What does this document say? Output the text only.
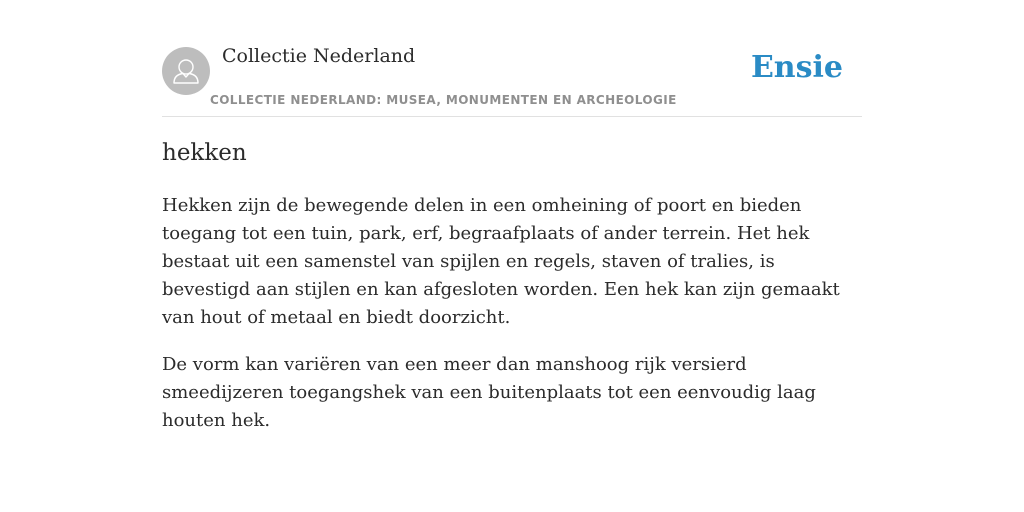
Collectie Nederland
COLLECTIE NEDERLAND: MUSEA, MONUMENTEN EN ARCHEOLOGIE
Ensie
hekken

Hekken zijn de bewegende delen in een omheining of poort en bieden toegang tot een tuin, park, erf, begraafplaats of ander terrein. Het hek bestaat uit een samenstel van spijlen en regels, staven of tralies, is bevestigd aan stijlen en kan afgesloten worden. Een hek kan zijn gemaakt van hout of metaal en biedt doorzicht.

De vorm kan variëren van een meer dan manshoog rijk versierd smeedijzeren toegangshek van een buitenplaats tot een eenvoudig laag houten hek.
